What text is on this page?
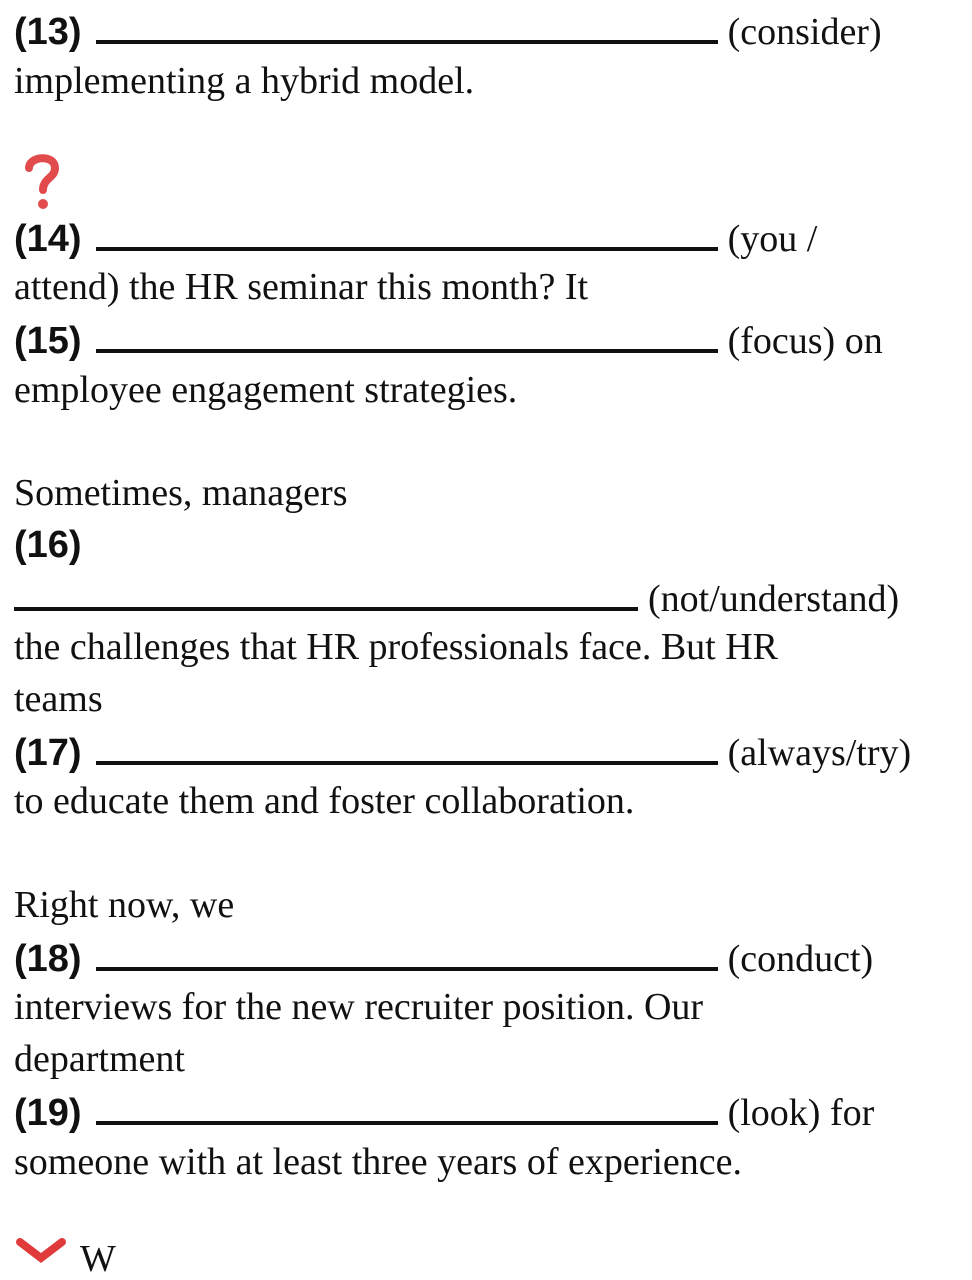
(13)	(consider)
implementing a hybrid model.
(14)	(you /
attend) the HR seminar this month? It
(15)	(focus) on
employee engagement strategies.
Sometimes, managers
(16)
(not/understand)
the challenges that HR professionals face. But HR
teams
(17)	(always/try)
to educate them and foster collaboration.
Right now, we
(18)	(conduct)
interviews for the new recruiter position. Our
department
(19)	(look) for
someone with at least three years of experience.
W
